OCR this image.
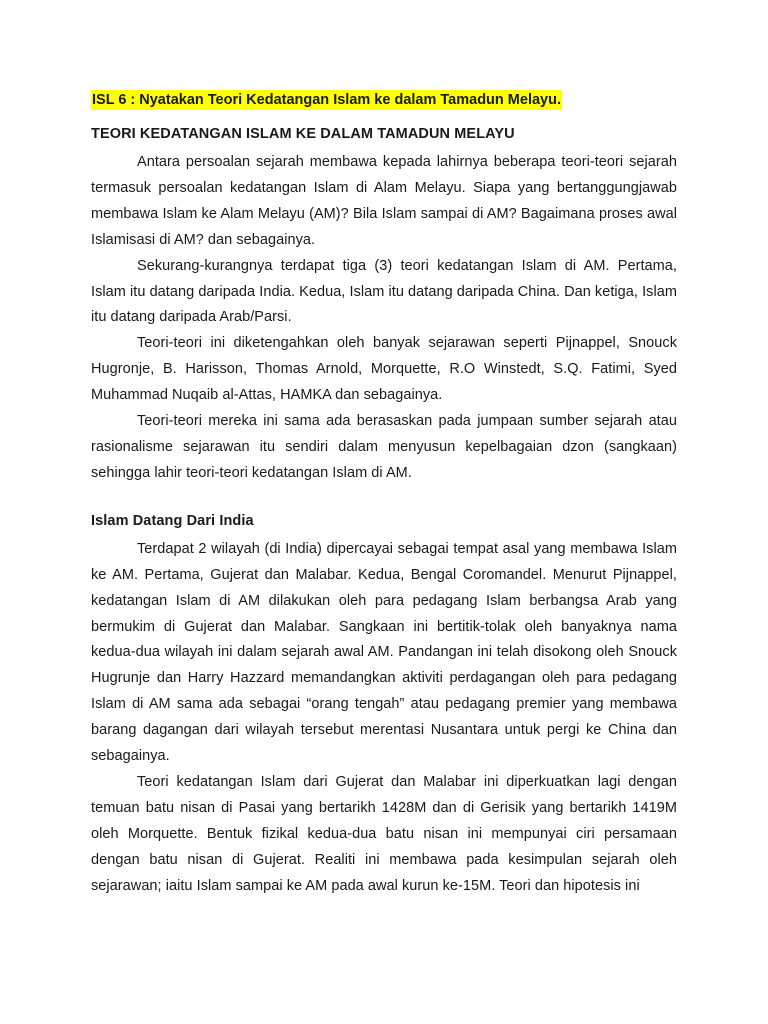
ISL 6 : Nyatakan Teori Kedatangan Islam ke dalam Tamadun Melayu.
TEORI KEDATANGAN ISLAM KE DALAM TAMADUN MELAYU

Antara persoalan sejarah membawa kepada lahirnya beberapa teori-teori sejarah termasuk persoalan kedatangan Islam di Alam Melayu. Siapa yang bertanggungjawab membawa Islam ke Alam Melayu (AM)? Bila Islam sampai di AM? Bagaimana proses awal Islamisasi di AM? dan sebagainya.

Sekurang-kurangnya terdapat tiga (3) teori kedatangan Islam di AM. Pertama, Islam itu datang daripada India. Kedua, Islam itu datang daripada China. Dan ketiga, Islam itu datang daripada Arab/Parsi.

Teori-teori ini diketengahkan oleh banyak sejarawan seperti Pijnappel, Snouck Hugronje, B. Harisson, Thomas Arnold, Morquette, R.O Winstedt, S.Q. Fatimi, Syed Muhammad Nuqaib al-Attas, HAMKA dan sebagainya.

Teori-teori mereka ini sama ada berasaskan pada jumpaan sumber sejarah atau rasionalisme sejarawan itu sendiri dalam menyusun kepelbagaian dzon (sangkaan) sehingga lahir teori-teori kedatangan Islam di AM.

Islam Datang Dari India

Terdapat 2 wilayah (di India) dipercayai sebagai tempat asal yang membawa Islam ke AM. Pertama, Gujerat dan Malabar. Kedua, Bengal Coromandel. Menurut Pijnappel, kedatangan Islam di AM dilakukan oleh para pedagang Islam berbangsa Arab yang bermukim di Gujerat dan Malabar. Sangkaan ini bertitik-tolak oleh banyaknya nama kedua-dua wilayah ini dalam sejarah awal AM. Pandangan ini telah disokong oleh Snouck Hugrunje dan Harry Hazzard memandangkan aktiviti perdagangan oleh para pedagang Islam di AM sama ada sebagai “orang tengah” atau pedagang premier yang membawa barang dagangan dari wilayah tersebut merentasi Nusantara untuk pergi ke China dan sebagainya.

Teori kedatangan Islam dari Gujerat dan Malabar ini diperkuatkan lagi dengan temuan batu nisan di Pasai yang bertarikh 1428M dan di Gerisik yang bertarikh 1419M oleh Morquette. Bentuk fizikal kedua-dua batu nisan ini mempunyai ciri persamaan dengan batu nisan di Gujerat. Realiti ini membawa pada kesimpulan sejarah oleh sejarawan; iaitu Islam sampai ke AM pada awal kurun ke-15M. Teori dan hipotesis ini
